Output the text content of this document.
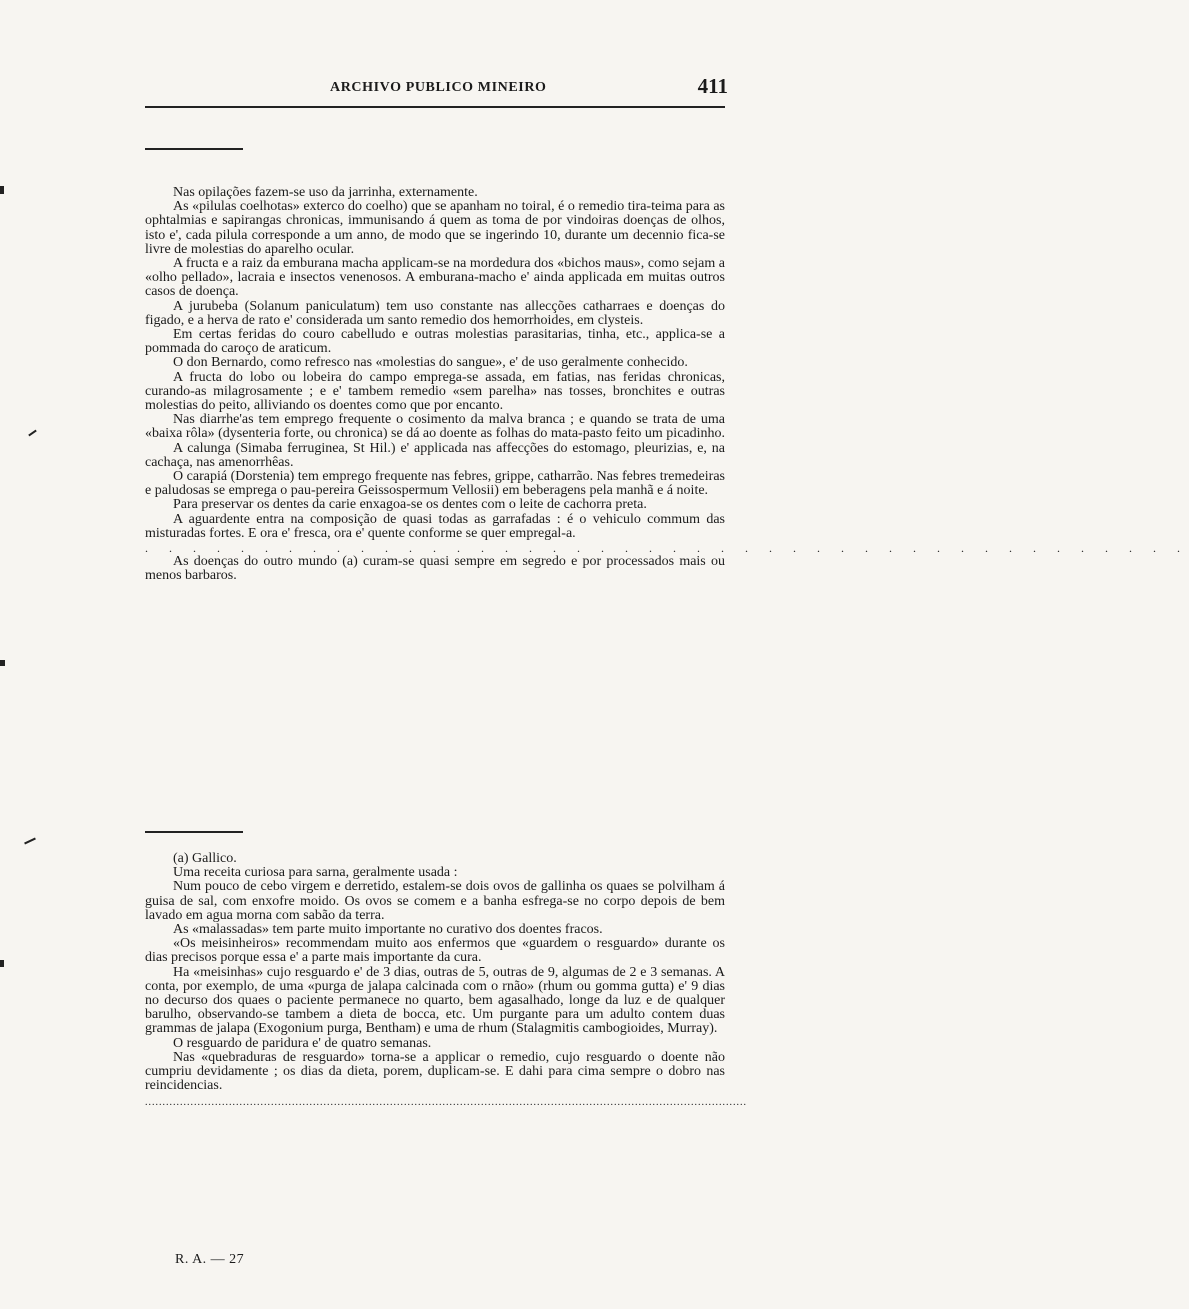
ARCHIVO PUBLICO MINEIRO	411

Nas opilações fazem-se uso da jarrinha, externamente.

As «pilulas coelhotas» exterco do coelho) que se apanham no toiral, é o remedio tira-teima para as ophtalmias e sapirangas chronicas, immunisando á quem as toma de por vindoiras doenças de olhos, isto e', cada pilula corresponde a um anno, de modo que se ingerindo 10, durante um decennio fica-se livre de molestias do aparelho ocular.

A fructa e a raiz da emburana macha applicam-se na mordedura dos «bichos maus», como sejam a «olho pellado», lacraia e insectos venenosos. A emburana-macho e' ainda applicada em muitas outros casos de doença.

A jurubeba (Solanum paniculatum) tem uso constante nas allecções catharraes e doenças do figado, e a herva de rato e' considerada um santo remedio dos hemorrhoides, em clysteis.

Em certas feridas do couro cabelludo e outras molestias parasitarias, tinha, etc., applica-se a pommada do caroço de araticum.

O don Bernardo, como refresco nas «molestias do sangue», e' de uso geralmente conhecido.

A fructa do lobo ou lobeira do campo emprega-se assada, em fatias, nas feridas chronicas, curando-as milagrosamente ; e e' tambem remedio «sem parelha» nas tosses, bronchites e outras molestias do peito, alliviando os doentes como que por encanto.

Nas diarrhe'as tem emprego frequente o cosimento da malva branca ; e quando se trata de uma «baixa rôla» (dysenteria forte, ou chronica) se dá ao doente as folhas do mata-pasto feito um picadinho.

A calunga (Simaba ferruginea, St Hil.) e' applicada nas affecções do estomago, pleurizias, e, na cachaça, nas amenorrhêas.

O carapiá (Dorstenia) tem emprego frequente nas febres, grippe, catharrão. Nas febres tremedeiras e paludosas se emprega o pau-pereira Geissospermum Vellosii) em beberagens pela manhã e á noite.

Para preservar os dentes da carie enxagoa-se os dentes com o leite de cachorra preta.

A aguardente entra na composição de quasi todas as garrafadas : é o vehiculo commum das misturadas fortes. E ora e' fresca, ora e' quente conforme se quer empregal-a.

. . . . . . . . . . . . . . . . . . . . . . . . . . . . . . . . . . . . . . . . . . . .

As doenças do outro mundo (a) curam-se quasi sempre em segredo e por processados mais ou menos barbaros.

(a) Gallico.

Uma receita curiosa para sarna, geralmente usada :

Num pouco de cebo virgem e derretido, estalem-se dois ovos de gallinha os quaes se polvilham á guisa de sal, com enxofre moido. Os ovos se comem e a banha esfrega-se no corpo depois de bem lavado em agua morna com sabão da terra.

As «malassadas» tem parte muito importante no curativo dos doentes fracos.

«Os meisinheiros» recommendam muito aos enfermos que «guardem o resguardo» durante os dias precisos porque essa e' a parte mais importante da cura.

Ha «meisinhas» cujo resguardo e' de 3 dias, outras de 5, outras de 9, algumas de 2 e 3 semanas. A conta, por exemplo, de uma «purga de jalapa calcinada com o rnão» (rhum ou gomma gutta) e' 9 dias no decurso dos quaes o paciente permanece no quarto, bem agasalhado, longe da luz e de qualquer barulho, observando-se tambem a dieta de bocca, etc. Um purgante para um adulto contem duas grammas de jalapa (Exogonium purga, Bentham) e uma de rhum (Stalagmitis cambogioides, Murray).

O resguardo de paridura e' de quatro semanas.

Nas «quebraduras de resguardo» torna-se a applicar o remedio, cujo resguardo o doente não cumpriu devidamente ; os dias da dieta, porem, duplicam-se. E dahi para cima sempre o dobro nas reincidencias.

............................................................................................................................................................................
R. A. — 27
